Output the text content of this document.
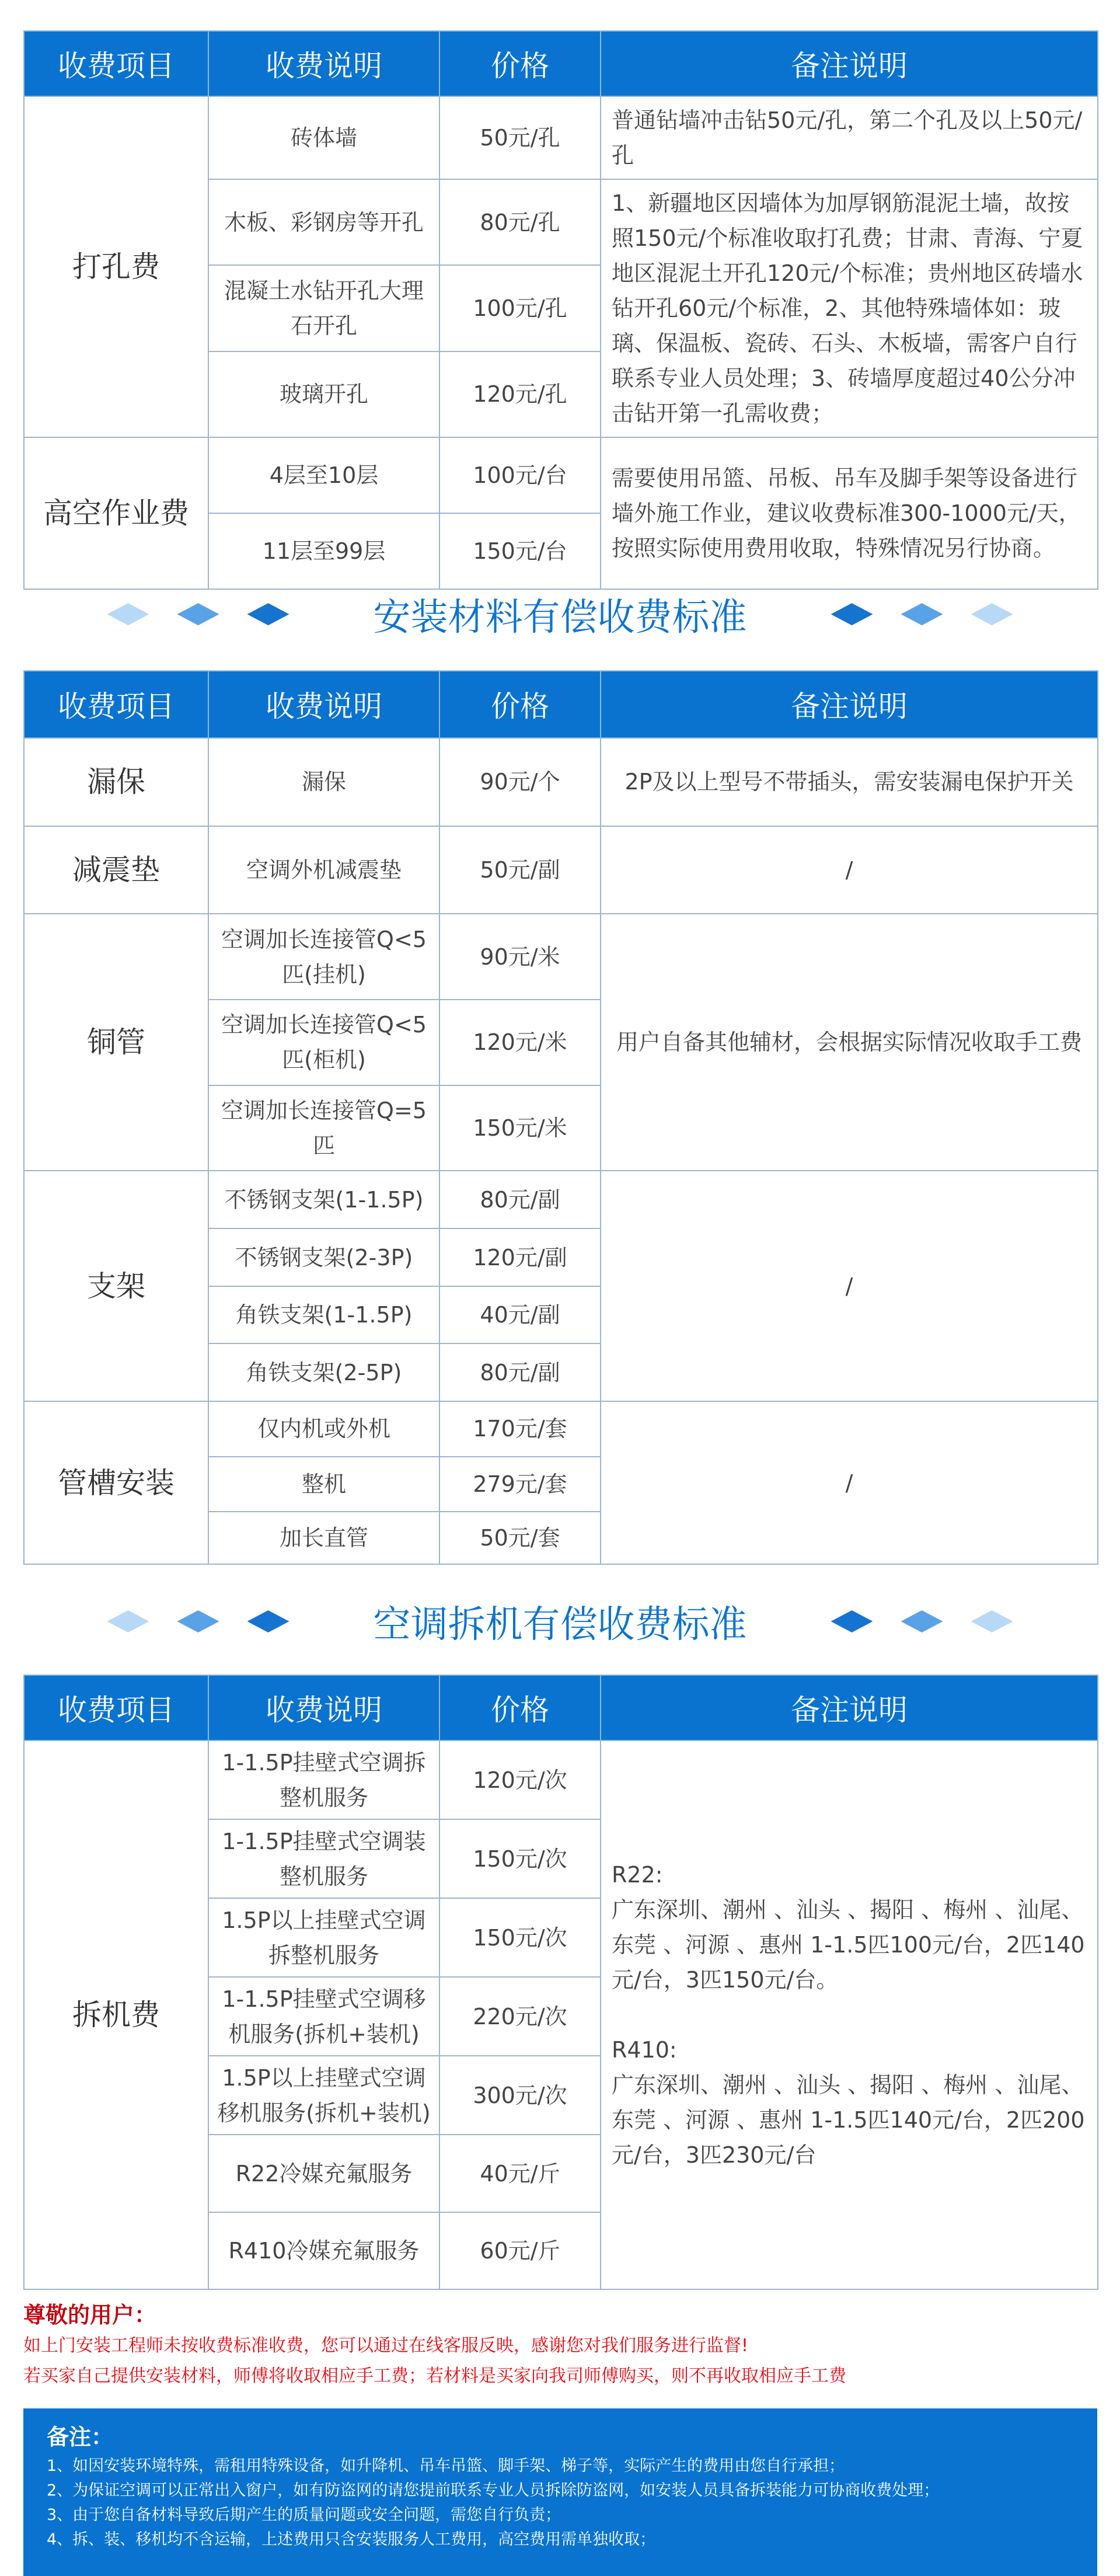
收费项目	收费说明	价格	备注说明
打孔费	砖体墙	50元/孔	普通钻墙冲击钻50元/孔，第二个孔及以上50元/孔
	木板、彩钢房等开孔	80元/孔	1、新疆地区因墙体为加厚钢筋混泥土墙，故按照150元/个标准收取打孔费；甘肃、青海、宁夏地区混泥土开孔120元/个标准；贵州地区砖墙水钻开孔60元/个标准，2、其他特殊墙体如：玻璃、保温板、瓷砖、石头、木板墙，需客户自行联系专业人员处理；3、砖墙厚度超过40公分冲击钻开第一孔需收费；
	混凝土水钻开孔大理石开孔	100元/孔	
	玻璃开孔	120元/孔	
高空作业费	4层至10层	100元/台	需要使用吊篮、吊板、吊车及脚手架等设备进行墙外施工作业，建议收费标准300-1000元/天，按照实际使用费用收取，特殊情况另行协商。
	11层至99层	150元/台	
安装材料有偿收费标准
收费项目	收费说明	价格	备注说明
漏保	漏保	90元/个	2P及以上型号不带插头，需安装漏电保护开关
减震垫	空调外机减震垫	50元/副	/
铜管	空调加长连接管Q<5匹(挂机)	90元/米	用户自备其他辅材，会根据实际情况收取手工费
	空调加长连接管Q<5匹(柜机)	120元/米	
	空调加长连接管Q=5匹	150元/米	
支架	不锈钢支架(1-1.5P)	80元/副	/
	不锈钢支架(2-3P)	120元/副	
	角铁支架(1-1.5P)	40元/副	
	角铁支架(2-5P)	80元/副	
管槽安装	仅内机或外机	170元/套	/
	整机	279元/套	
	加长直管	50元/套	
空调拆机有偿收费标准
收费项目	收费说明	价格	备注说明
拆机费	1-1.5P挂壁式空调拆整机服务	120元/次	R22:
广东深圳、潮州 、汕头 、揭阳 、梅州 、汕尾、东莞 、河源 、惠州 1-1.5匹100元/台，2匹140元/台，3匹150元/台。

R410:
广东深圳、潮州 、汕头 、揭阳 、梅州 、汕尾、东莞 、河源 、惠州 1-1.5匹140元/台，2匹200元/台，3匹230元/台
	1-1.5P挂壁式空调装整机服务	150元/次	
	1.5P以上挂壁式空调拆整机服务	150元/次	
	1-1.5P挂壁式空调移机服务(拆机+装机)	220元/次	
	1.5P以上挂壁式空调移机服务(拆机+装机)	300元/次	
	R22冷媒充氟服务	40元/斤	
	R410冷媒充氟服务	60元/斤	
尊敬的用户：
如上门安装工程师未按收费标准收费，您可以通过在线客服反映，感谢您对我们服务进行监督!
若买家自己提供安装材料，师傅将收取相应手工费；若材料是买家向我司师傅购买，则不再收取相应手工费
备注：
1、如因安装环境特殊，需租用特殊设备，如升降机、吊车吊篮、脚手架、梯子等，实际产生的费用由您自行承担；
2、为保证空调可以正常出入窗户，如有防盗网的请您提前联系专业人员拆除防盗网，如安装人员具备拆装能力可协商收费处理；
3、由于您自备材料导致后期产生的质量问题或安全问题，需您自行负责；
4、拆、装、移机均不含运输，上述费用只含安装服务人工费用，高空费用需单独收取；
